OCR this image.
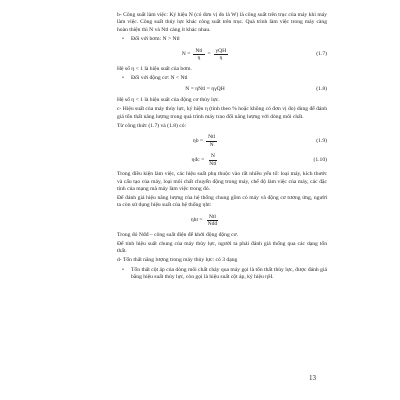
b- Công suất làm việc: Ký hiệu N (có đơn vị đo là W) là công suất trên trục của máy khi máy làm việc. Công suất thủy lực khác công suất trên trục. Quá trình làm việc trong máy càng hoàn thiện thì N và Ntl càng ít khác nhau.

• Đối với bơm: N > Ntl
$N = \frac{\text{Ntl}}{\eta} = \frac{\text{γQH}}{\eta}$	(1.7)

Hệ số η < 1 là hiệu suất của bơm.

• Đối với động cơ: N < Ntl
N = ηNtl = ηγQH	(1.8)

Hệ số η < 1 là hiệu suất của động cơ thủy lực.

c- Hiệu suất của máy thủy lực, ký hiệu η (tính theo % hoặc không có đơn vị đo) dùng để đánh giá tổn thất năng lượng trong quá trình máy trao đổi năng lượng với dòng môi chất.

Từ công thức (1.7) và (1.8) có:

$\eta b = \frac{\text{Ntl}}{N}$	(1.9)
ηđc = $\frac{N}{\text{Ntl}}$	(1.10)

Trong điều kiện làm việc, các hiệu suất phụ thuộc vào rất nhiều yếu tố: loại máy, kích thước và cấu tạo của máy, loại môi chất chuyển động trong máy, chế độ làm việc của máy, các đặc tính của mạng mà máy làm việc trong đó.

Để đánh giá hiệu năng lượng của hệ thống chung gồm có máy và động cơ tương ứng, người ta còn sử dụng hiệu suất của hệ thống ηht:

$\eta ht = \frac{\text{Ntl}}{\text{Nđđ}}$

Trong đó Nđđ – công suất điện để khởi động động cơ.

Để tính hiệu suất chung của máy thủy lực, người ta phải đánh giá thống qua các dạng tổn thất.

d- Tổn thất năng lượng trong máy thủy lực: có 3 dạng

• Tổn thất cột áp của dòng môi chất chảy qua máy gọi là tổn thất thủy lực, được đánh giá bằng hiệu suất thủy lực, còn gọi là hiệu suất cột áp, ký hiệu ηH.
13
